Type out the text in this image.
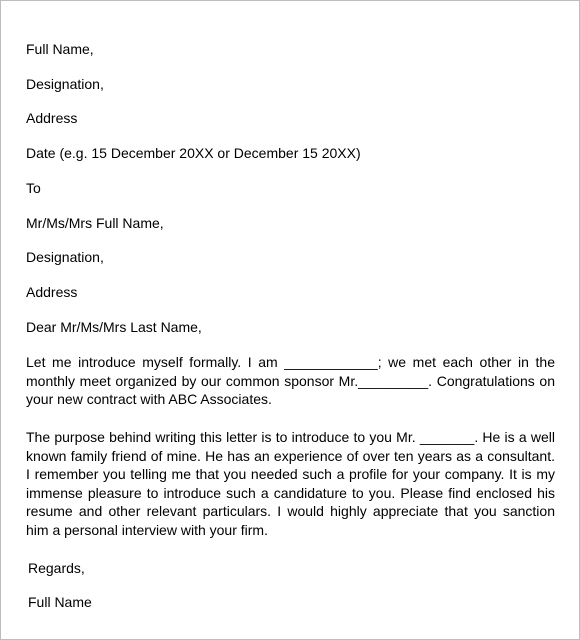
Full Name,
Designation,
Address
Date (e.g. 15 December 20XX or December 15 20XX)
To
Mr/Ms/Mrs Full Name,
Designation,
Address
Dear Mr/Ms/Mrs Last Name,
Let me introduce myself formally. I am ____________; we met each other in the
monthly meet organized by our common sponsor Mr._________. Congratulations on
your new contract with ABC Associates.
The purpose behind writing this letter is to introduce to you Mr. _______. He is a well
known family friend of mine. He has an experience of over ten years as a consultant.
I remember you telling me that you needed such a profile for your company. It is my
immense pleasure to introduce such a candidature to you. Please find enclosed his
resume and other relevant particulars. I would highly appreciate that you sanction
him a personal interview with your firm.
Regards,
Full Name
